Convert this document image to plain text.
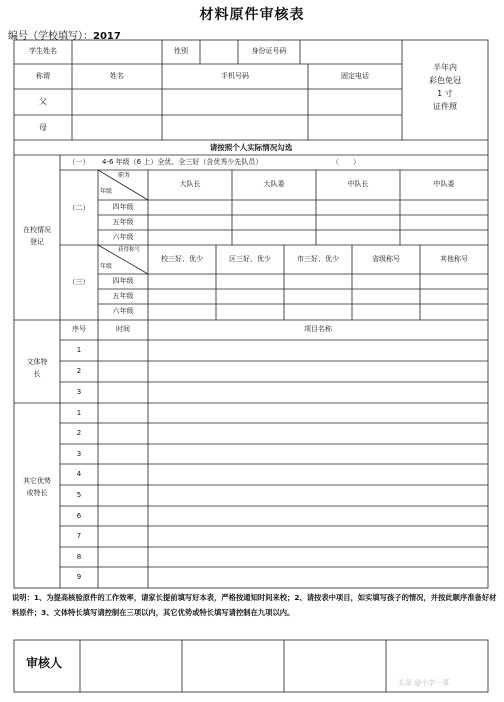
材料原件审核表
编号（学校填写）：2017
学生姓名	性别	身份证号码
称谓	姓名	手机号码	固定电话
父
母
半年内
彩色免冠
1 寸
证件照
请按照个人实际情况勾选
在校情况登记
（一）	4-6 年级（6 上）全优、全三好（含优秀少先队员）	（　　）
（二）
职务
年级
大队长	大队委	中队长	中队委
四年级
五年级
六年级
（三）
获得称号
年级
校三好、优少	区三好、优少	市三好、优少	省级称号	其他称号
四年级
五年级
六年级
序号	时间	项目名称
文体特长
1
2
3
其它优势或特长
1
2
3
4
5
6
7
8
9
说明：1、为提高核验原件的工作效率，请家长提前填写好本表，严格按通知时间来校；2、请按表中项目，如实填写孩子的情况，并按此顺序准备好材料原件；3、文体特长填写请控制在三项以内，其它优势或特长填写请控制在九项以内。
审核人
头条 @小学一事
